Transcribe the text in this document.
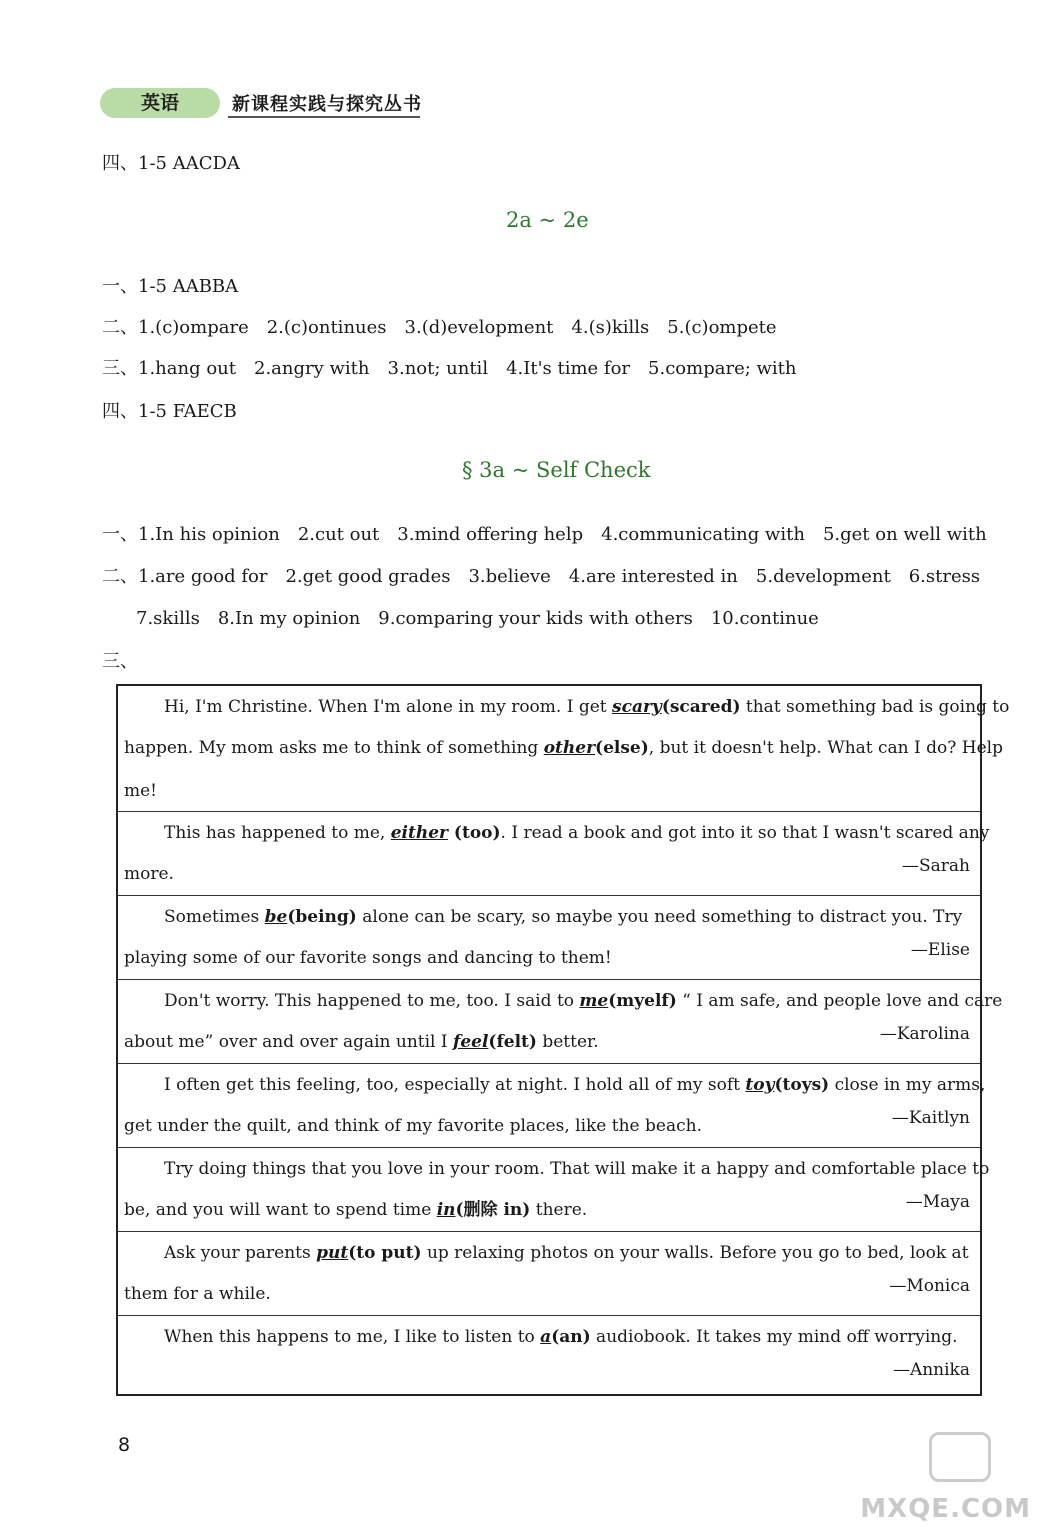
英语	新课程实践与探究丛书
四、1-5 AACDA
2a ~ 2e
一、1-5 AABBA
二、1.(c)ompare 2.(c)ontinues 3.(d)evelopment 4.(s)kills 5.(c)ompete
三、1.hang out 2.angry with 3.not; until 4.It's time for 5.compare; with
四、1-5 FAECB
§ 3a ~ Self Check
一、1.In his opinion 2.cut out 3.mind offering help 4.communicating with 5.get on well with
二、1.are good for 2.get good grades 3.believe 4.are interested in 5.development 6.stress
7.skills 8.In my opinion 9.comparing your kids with others 10.continue
三、
Hi, I'm Christine. When I'm alone in my room. I get scary(scared) that something bad is going to
happen. My mom asks me to think of something other(else), but it doesn't help. What can I do? Help
me!
This has happened to me, either (too). I read a book and got into it so that I wasn't scared any
more.	—Sarah
Sometimes be(being) alone can be scary, so maybe you need something to distract you. Try
playing some of our favorite songs and dancing to them!	—Elise
Don't worry. This happened to me, too. I said to me(myelf) “ I am safe, and people love and care
about me” over and over again until I feel(felt) better.	—Karolina
I often get this feeling, too, especially at night. I hold all of my soft toy(toys) close in my arms,
get under the quilt, and think of my favorite places, like the beach.	—Kaitlyn
Try doing things that you love in your room. That will make it a happy and comfortable place to
be, and you will want to spend time in(删除 in) there.	—Maya
Ask your parents put(to put) up relaxing photos on your walls. Before you go to bed, look at
them for a while.	—Monica
When this happens to me, I like to listen to a(an) audiobook. It takes my mind off worrying.
—Annika
8
MXQE.COM
